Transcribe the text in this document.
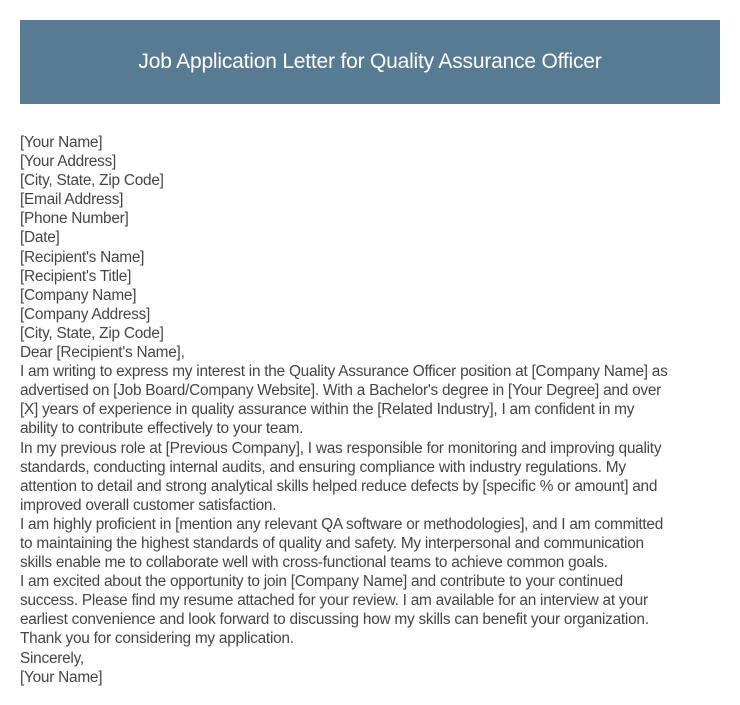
Job Application Letter for Quality Assurance Officer
[Your Name]
[Your Address]
[City, State, Zip Code]
[Email Address]
[Phone Number]
[Date]
[Recipient's Name]
[Recipient's Title]
[Company Name]
[Company Address]
[City, State, Zip Code]
Dear [Recipient's Name],

I am writing to express my interest in the Quality Assurance Officer position at [Company Name] as
advertised on [Job Board/Company Website]. With a Bachelor's degree in [Your Degree] and over
[X] years of experience in quality assurance within the [Related Industry], I am confident in my
ability to contribute effectively to your team.

In my previous role at [Previous Company], I was responsible for monitoring and improving quality
standards, conducting internal audits, and ensuring compliance with industry regulations. My
attention to detail and strong analytical skills helped reduce defects by [specific % or amount] and
improved overall customer satisfaction.

I am highly proficient in [mention any relevant QA software or methodologies], and I am committed
to maintaining the highest standards of quality and safety. My interpersonal and communication
skills enable me to collaborate well with cross-functional teams to achieve common goals.

I am excited about the opportunity to join [Company Name] and contribute to your continued
success. Please find my resume attached for your review. I am available for an interview at your
earliest convenience and look forward to discussing how my skills can benefit your organization.

Thank you for considering my application.

Sincerely,
[Your Name]
